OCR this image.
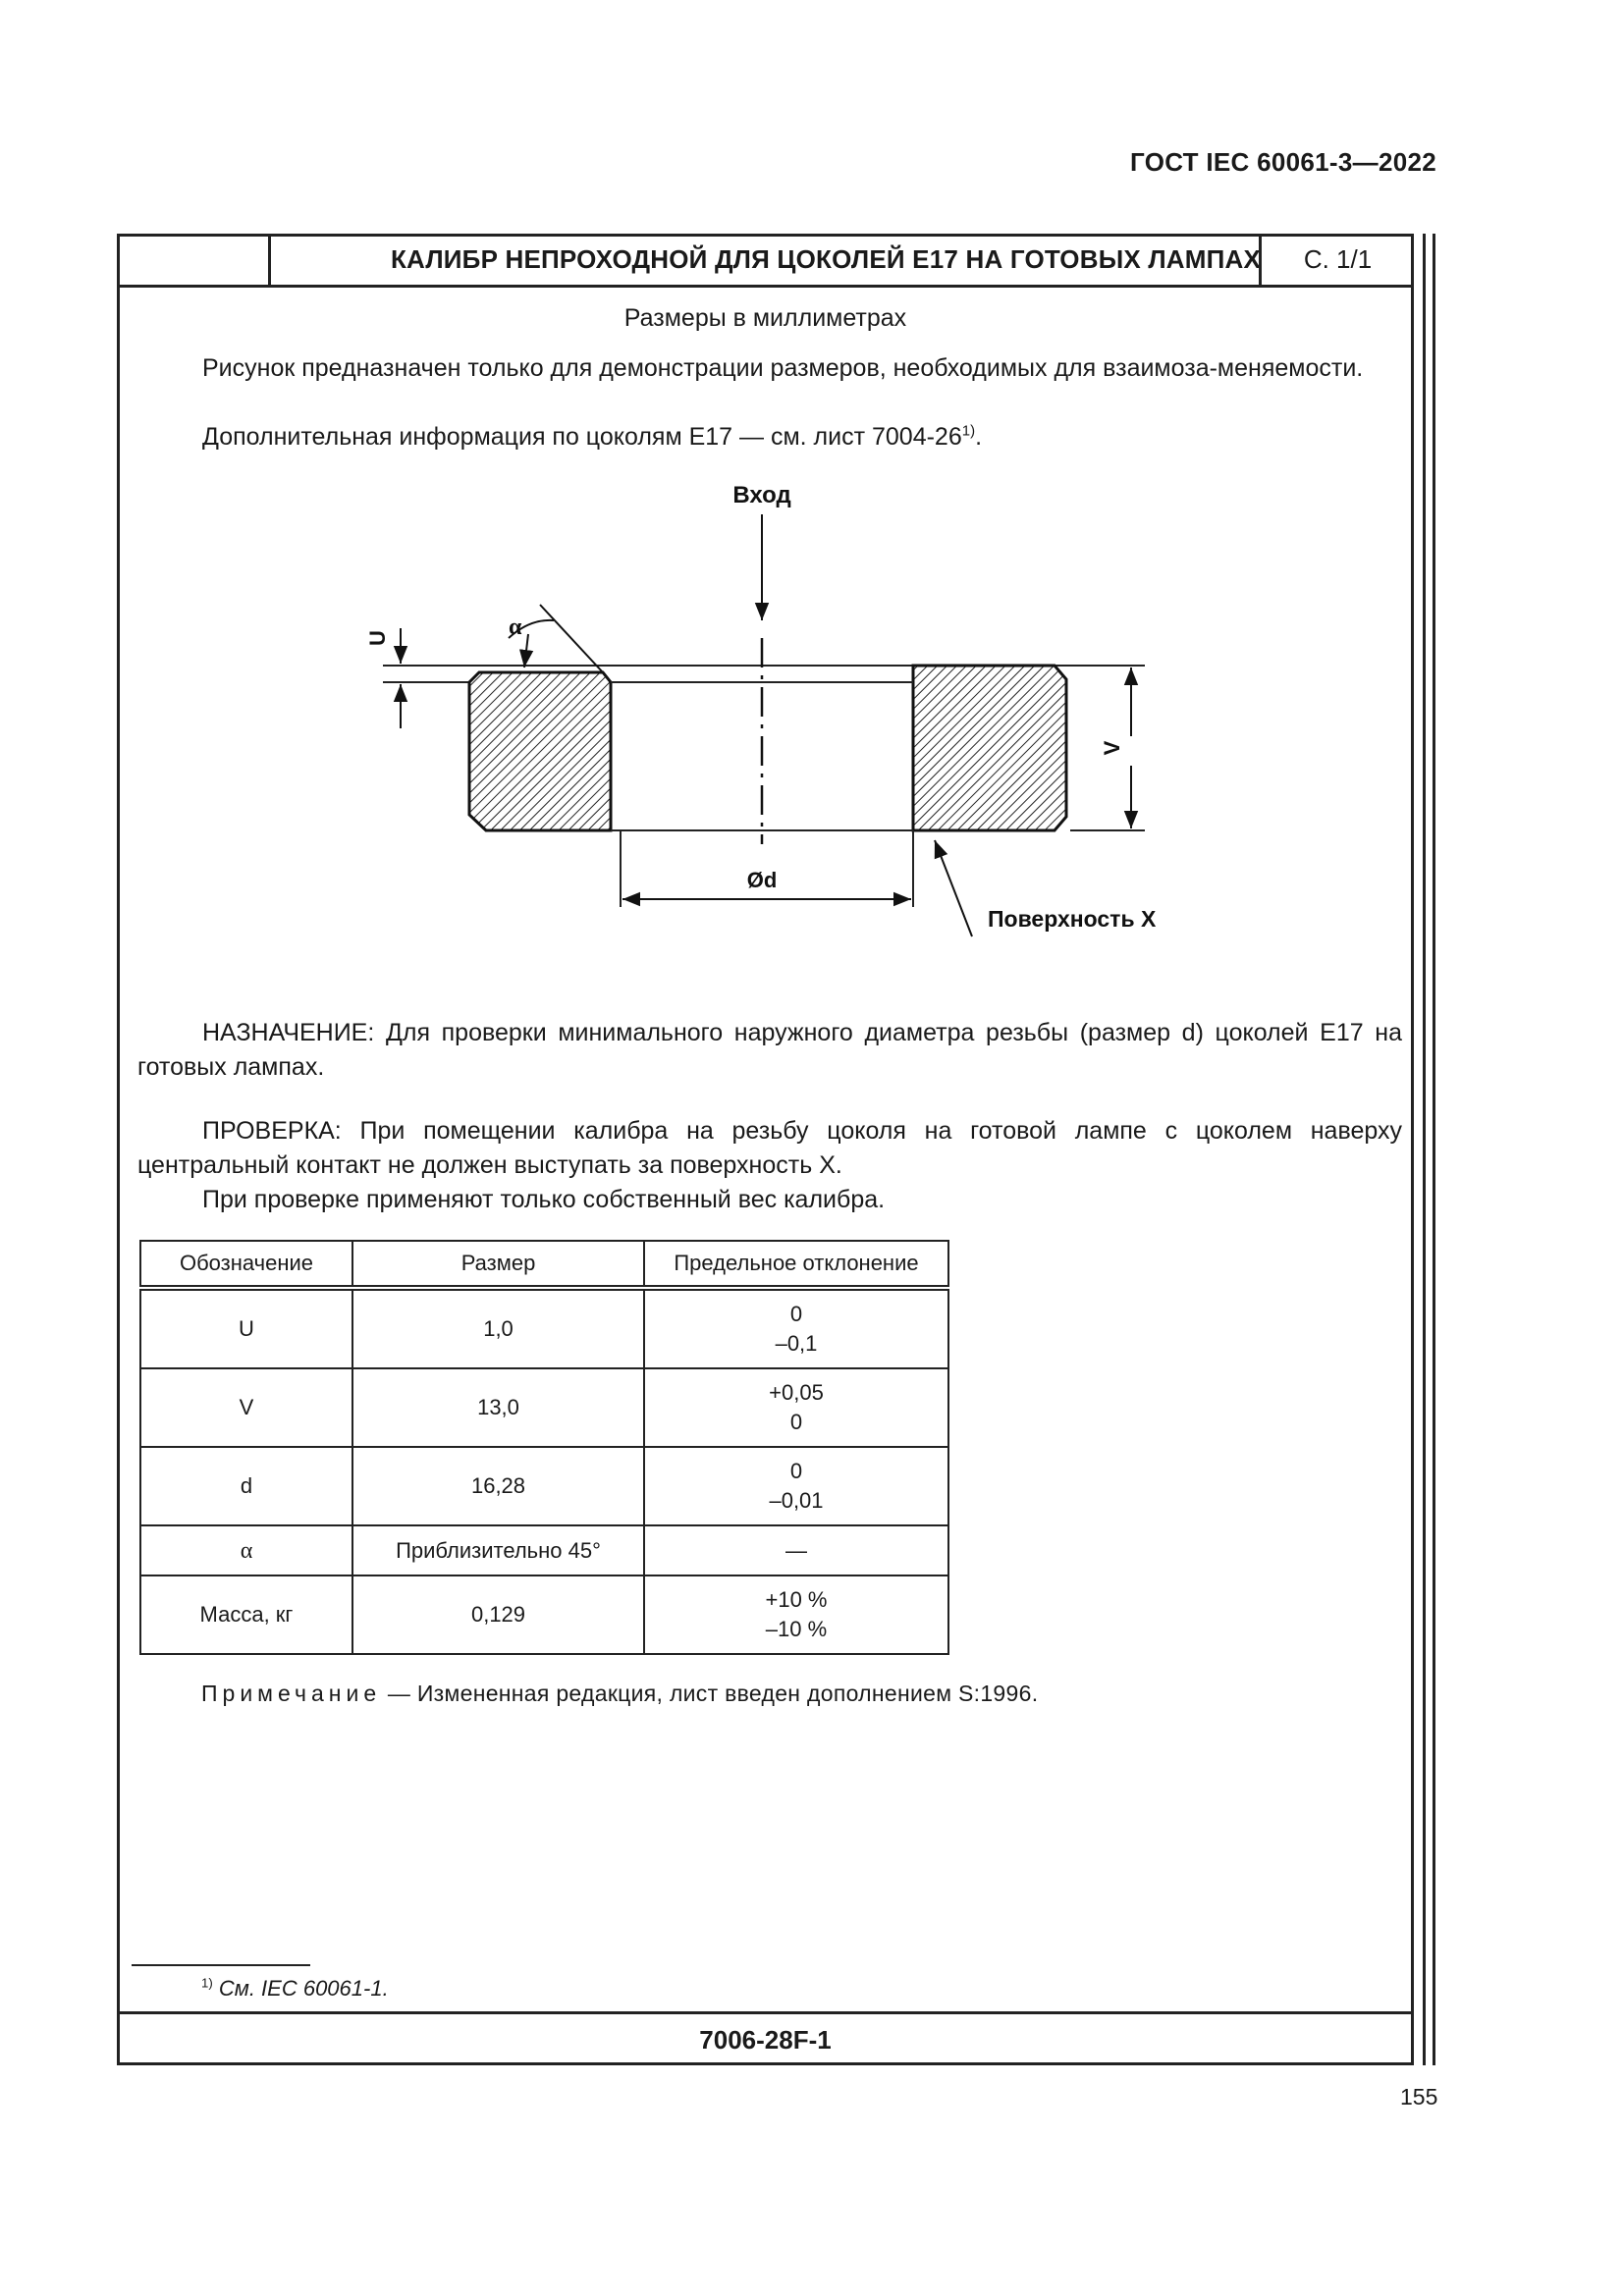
ГОСТ IEC 60061-3—2022
КАЛИБР НЕПРОХОДНОЙ ДЛЯ ЦОКОЛЕЙ Е17 НА ГОТОВЫХ ЛАМПАХ	С. 1/1
Размеры в миллиметрах
Рисунок предназначен только для демонстрации размеров, необходимых для взаимоза-меняемости.
Дополнительная информация по цоколям Е17 — см. лист 7004-26$^{1)}$.
Вход
U	α
V
Ød
Поверхность X
НАЗНАЧЕНИЕ: Для проверки минимального наружного диаметра резьбы (размер d) цоколей Е17 на готовых лампах.
ПРОВЕРКА: При помещении калибра на резьбу цоколя на готовой лампе с цоколем наверху центральный контакт не должен выступать за поверхность X.
При проверке применяют только собственный вес калибра.
Обозначение	Размер	Предельное отклонение
U	1,0	0
–0,1

V	13,0	+0,05
0

d	16,28	0
–0,01

α	Приблизительно 45°	—
Масса, кг	0,129	+10 %
–10 %
Примечание — Измененная редакция, лист введен дополнением S:1996.
$^{1)}$ См. IEC 60061-1.
7006-28F-1
155
